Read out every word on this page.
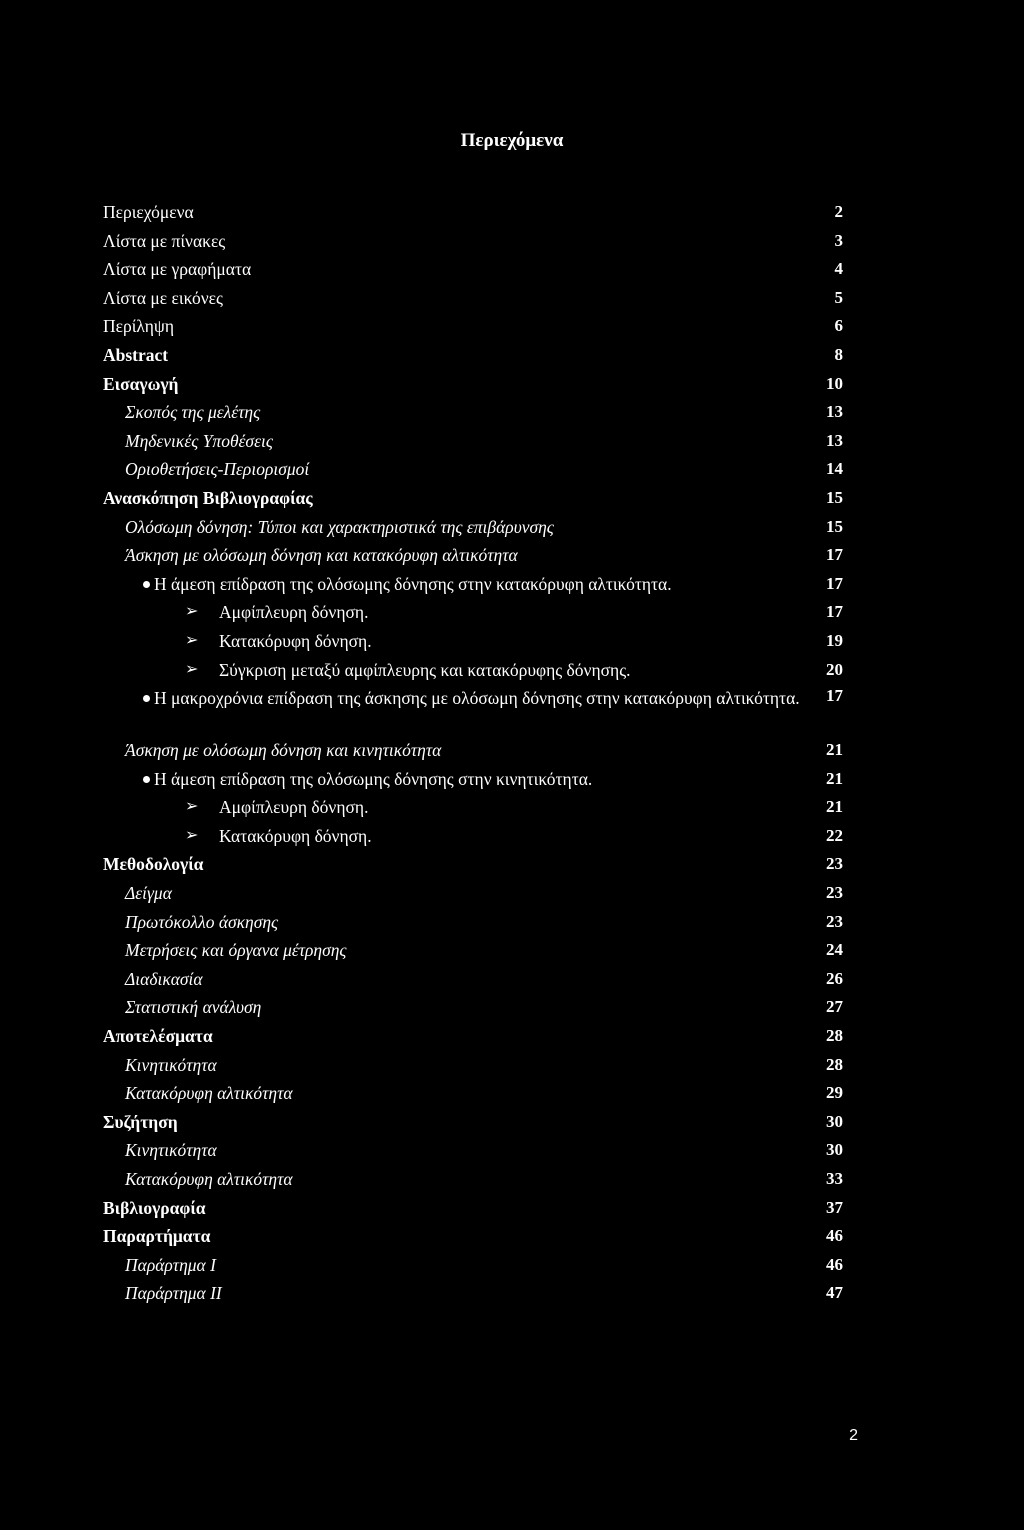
Περιεχόμενα
Περιεχόμενα	2
Λίστα με πίνακες	3
Λίστα με γραφήματα	4
Λίστα με εικόνες	5
Περίληψη	6
Abstract	8
Εισαγωγή	10
Σκοπός της μελέτης	13
Μηδενικές Υποθέσεις	13
Οριοθετήσεις-Περιορισμοί	14
Ανασκόπηση Βιβλιογραφίας	15
Ολόσωμη δόνηση: Τύποι και χαρακτηριστικά της επιβάρυνσης	15
Άσκηση με ολόσωμη δόνηση και κατακόρυφη αλτικότητα	17
Η άμεση επίδραση της ολόσωμης δόνησης στην κατακόρυφη αλτικότητα.	17
➢ Αμφίπλευρη δόνηση.	17
➢ Κατακόρυφη δόνηση.	19
➢ Σύγκριση μεταξύ αμφίπλευρης και κατακόρυφης δόνησης.	20
Η μακροχρόνια επίδραση της άσκησης με ολόσωμη δόνησης στην κατακόρυφη αλτικότητα. 17
Άσκηση με ολόσωμη δόνηση και κινητικότητα	21
Η άμεση επίδραση της ολόσωμης δόνησης στην κινητικότητα.	21
➢ Αμφίπλευρη δόνηση.	21
➢ Κατακόρυφη δόνηση.	22
Μεθοδολογία	23
Δείγμα	23
Πρωτόκολλο άσκησης	23
Μετρήσεις και όργανα μέτρησης	24
Διαδικασία	26
Στατιστική ανάλυση	27
Αποτελέσματα	28
Κινητικότητα	28
Κατακόρυφη αλτικότητα	29
Συζήτηση	30
Κινητικότητα	30
Κατακόρυφη αλτικότητα	33
Βιβλιογραφία	37
Παραρτήματα	46
Παράρτημα Ι	46
Παράρτημα ΙΙ	47
2
